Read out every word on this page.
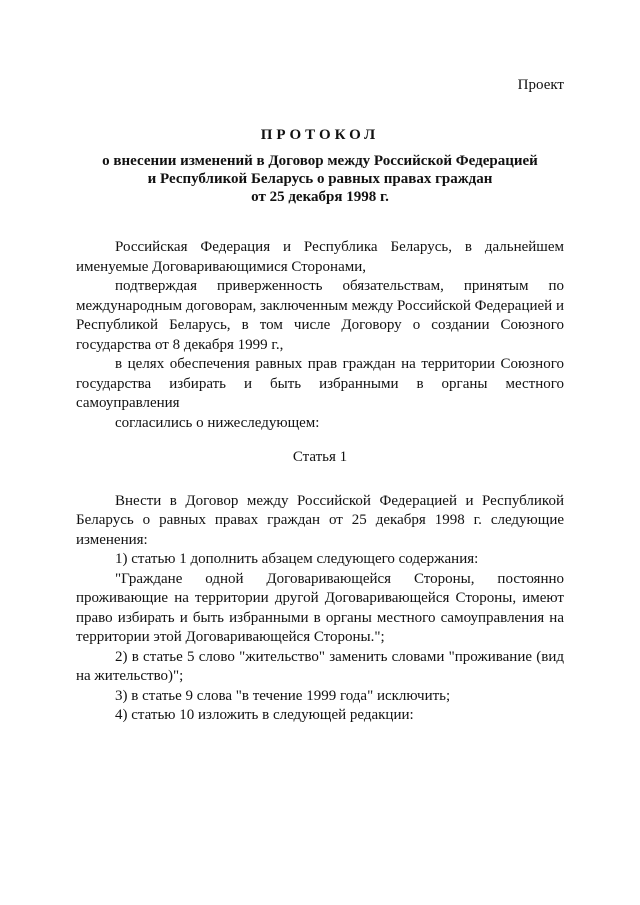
Проект
ПРОТОКОЛ
о внесении изменений в Договор между Российской Федерацией
и Республикой Беларусь о равных правах граждан
от 25 декабря 1998 г.

Российская Федерация и Республика Беларусь, в дальнейшем именуемые Договаривающимися Сторонами,

подтверждая приверженность обязательствам, принятым по международным договорам, заключенным между Российской Федерацией и Республикой Беларусь, в том числе Договору о создании Союзного государства от 8 декабря 1999 г.,

в целях обеспечения равных прав граждан на территории Союзного государства избирать и быть избранными в органы местного самоуправления

согласились о нижеследующем:

Статья 1

Внести в Договор между Российской Федерацией и Республикой Беларусь о равных правах граждан от 25 декабря 1998 г. следующие изменения:

1) статью 1 дополнить абзацем следующего содержания:

"Граждане одной Договаривающейся Стороны, постоянно проживающие на территории другой Договаривающейся Стороны, имеют право избирать и быть избранными в органы местного самоуправления на территории этой Договаривающейся Стороны.";

2) в статье 5 слово "жительство" заменить словами "проживание (вид на жительство)";

3) в статье 9 слова "в течение 1999 года" исключить;

4) статью 10 изложить в следующей редакции:
